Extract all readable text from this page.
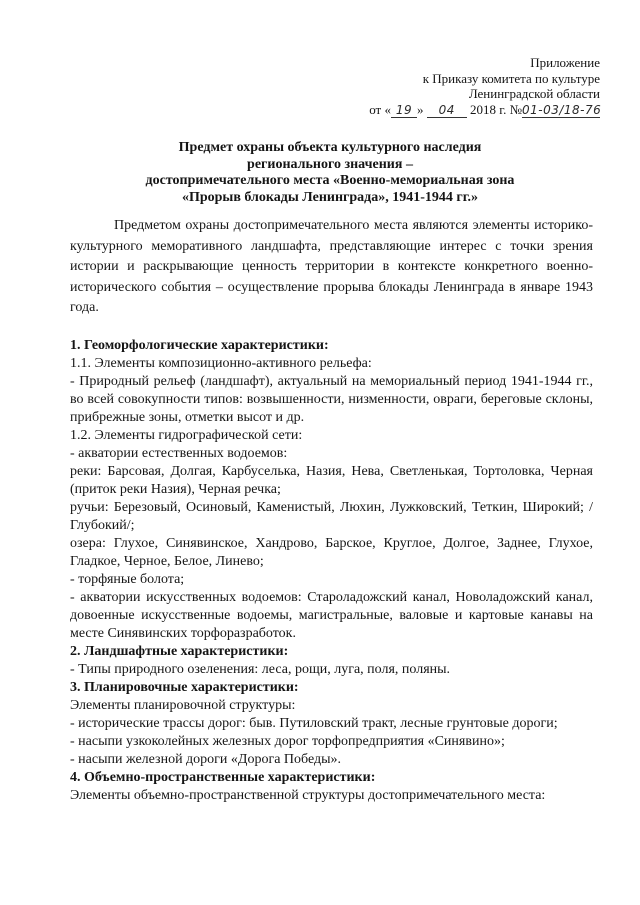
Приложение
к Приказу комитета по культуре
Ленинградской области
от « 19 » 04 2018 г. №01-03/18-76
Предмет охраны объекта культурного наследия
регионального значения –
достопримечательного места «Военно-мемориальная зона
«Прорыв блокады Ленинграда», 1941-1944 гг.»

Предметом охраны достопримечательного места являются элементы историко-культурного меморативного ландшафта, представляющие интерес с точки зрения истории и раскрывающие ценность территории в контексте конкретного военно-исторического события – осуществление прорыва блокады Ленинграда в январе 1943 года.

1. Геоморфологические характеристики:

1.1. Элементы композиционно-активного рельефа:

- Природный рельеф (ландшафт), актуальный на мемориальный период 1941-1944 гг., во всей совокупности типов: возвышенности, низменности, овраги, береговые склоны, прибрежные зоны, отметки высот и др.

1.2. Элементы гидрографической сети:

- акватории естественных водоемов:

реки: Барсовая, Долгая, Карбуселька, Назия, Нева, Светленькая, Тортоловка, Черная (приток реки Назия), Черная речка;

ручьи: Березовый, Осиновый, Каменистый, Люхин, Лужковский, Теткин, Широкий; /Глубокий/;

озера: Глухое, Синявинское, Хандрово, Барское, Круглое, Долгое, Заднее, Глухое, Гладкое, Черное, Белое, Линево;

- торфяные болота;

- акватории искусственных водоемов: Староладожский канал, Новоладожский канал, довоенные искусственные водоемы, магистральные, валовые и картовые канавы на месте Синявинских торфоразработок.

2. Ландшафтные характеристики:

- Типы природного озеленения: леса, рощи, луга, поля, поляны.

3. Планировочные характеристики:

Элементы планировочной структуры:

- исторические трассы дорог: быв. Путиловский тракт, лесные грунтовые дороги;

- насыпи узкоколейных железных дорог торфопредприятия «Синявино»;

- насыпи железной дороги «Дорога Победы».

4. Объемно-пространственные характеристики:

Элементы объемно-пространственной структуры достопримечательного места:
